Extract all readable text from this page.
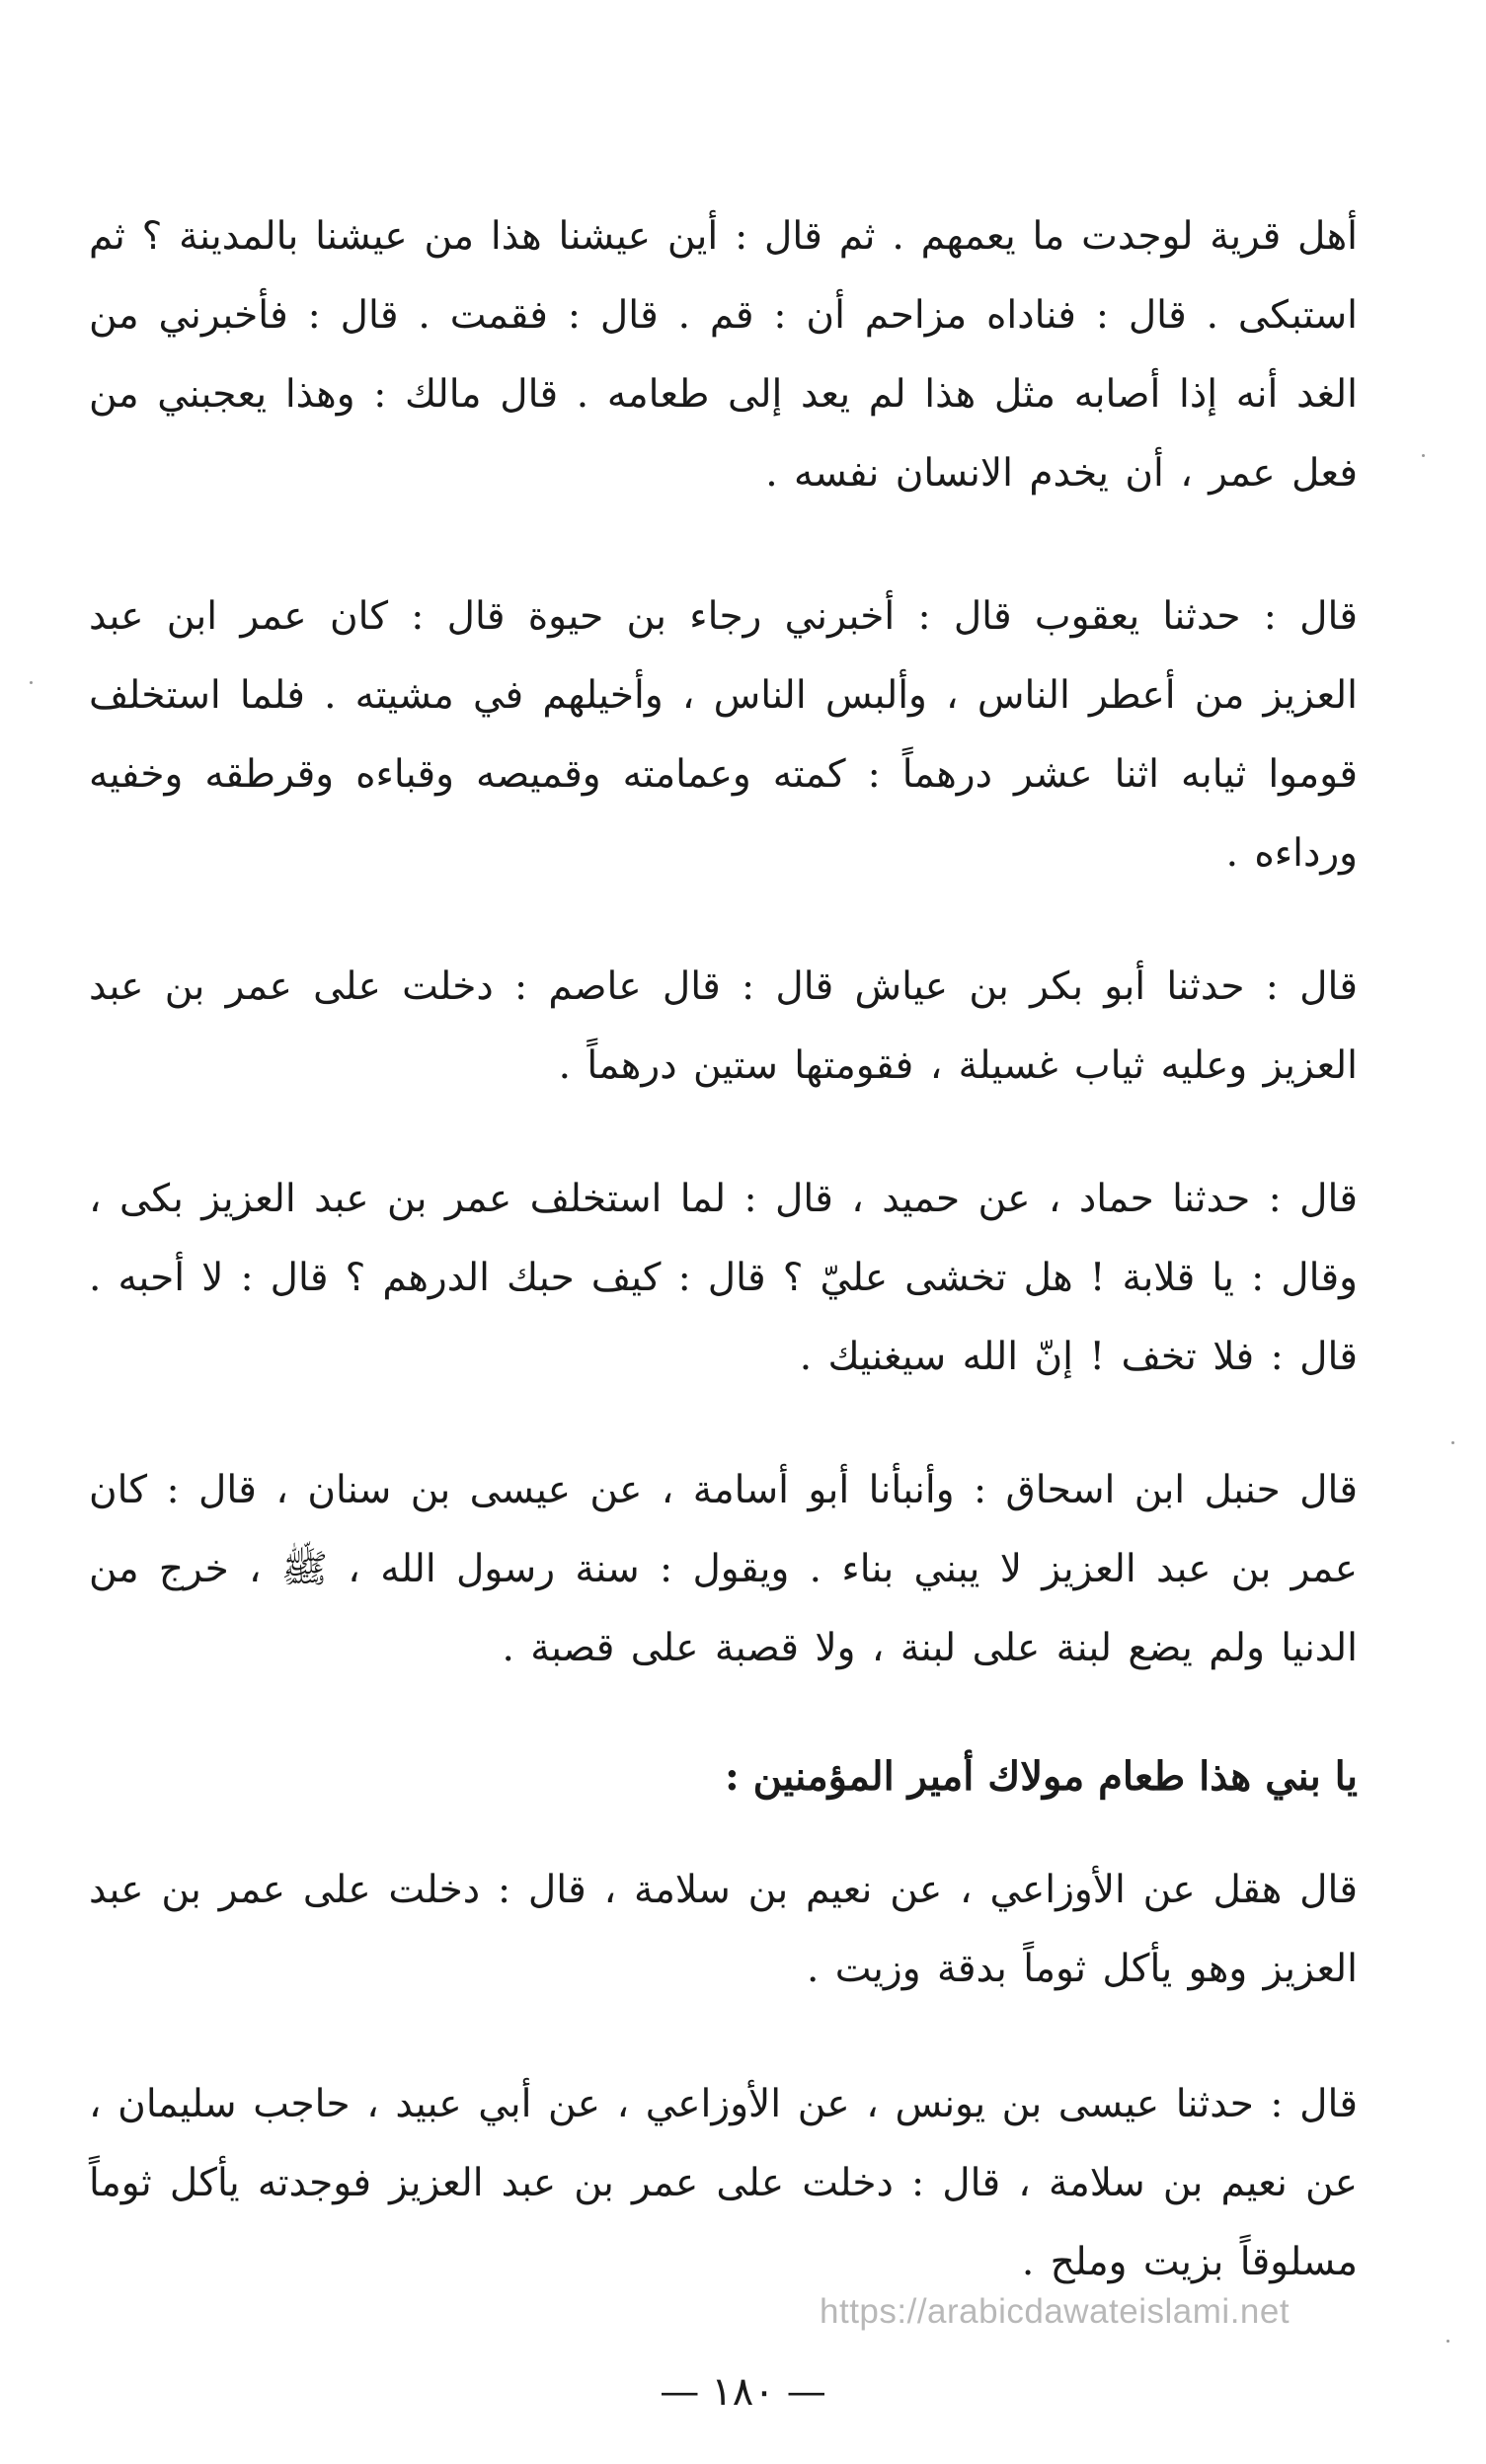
أهل قرية لوجدت ما يعمهم . ثم قال : أين عيشنا هذا من عيشنا بالمدينة ؟ ثم استبكى . قال : فناداه مزاحم أن : قم . قال : فقمت . قال : فأخبرني من الغد أنه إذا أصابه مثل هذا لم يعد إلى طعامه . قال مالك : وهذا يعجبني من فعل عمر ، أن يخدم الانسان نفسه .

قال : حدثنا يعقوب قال : أخبرني رجاء بن حيوة قال : كان عمر ابن عبد العزيز من أعطر الناس ، وألبس الناس ، وأخيلهم في مشيته . فلما استخلف قوموا ثيابه اثنا عشر درهماً : كمته وعمامته وقميصه وقباءه وقرطقه وخفيه ورداءه .

قال : حدثنا أبو بكر بن عياش قال : قال عاصم : دخلت على عمر بن عبد العزيز وعليه ثياب غسيلة ، فقومتها ستين درهماً .

قال : حدثنا حماد ، عن حميد ، قال : لما استخلف عمر بن عبد العزيز بكى ، وقال : يا قلابة ! هل تخشى عليّ ؟ قال : كيف حبك الدرهم ؟ قال : لا أحبه . قال : فلا تخف ! إنّ الله سيغنيك .

قال حنبل ابن اسحاق : وأنبأنا أبو أسامة ، عن عيسى بن سنان ، قال : كان عمر بن عبد العزيز لا يبني بناء . ويقول : سنة رسول الله ، ﷺ ، خرج من الدنيا ولم يضع لبنة على لبنة ، ولا قصبة على قصبة .

يا بني هذا طعام مولاك أمير المؤمنين :

قال هقل عن الأوزاعي ، عن نعيم بن سلامة ، قال : دخلت على عمر بن عبد العزيز وهو يأكل ثوماً بدقة وزيت .

قال : حدثنا عيسى بن يونس ، عن الأوزاعي ، عن أبي عبيد ، حاجب سليمان ، عن نعيم بن سلامة ، قال : دخلت على عمر بن عبد العزيز فوجدته يأكل ثوماً مسلوقاً بزيت وملح .

https://arabicdawateislami.net
—١٨٠—
